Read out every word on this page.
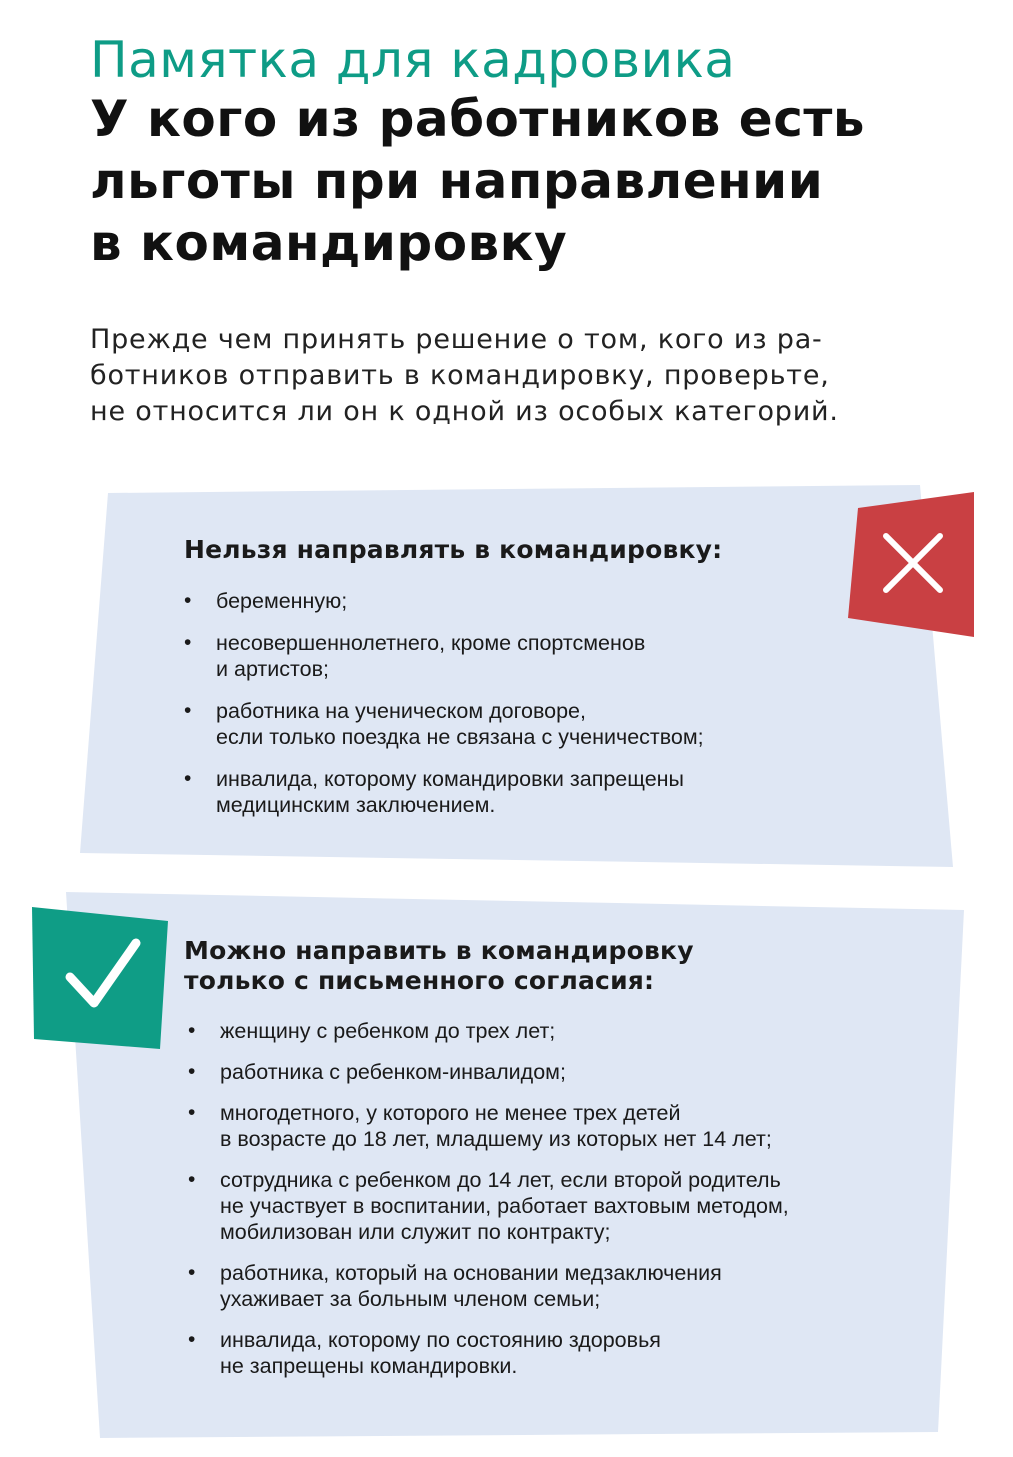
Памятка для кадровика
У кого из работников есть
льготы при направлении
в командировку

Прежде чем принять решение о том, кого из ра-
ботников отправить в командировку, проверьте,
не относится ли он к одной из особых категорий.

Нельзя направлять в командировку:
• беременную;
• несовершеннолетнего, кроме спортсменов
и артистов;
• работника на ученическом договоре,
если только поездка не связана с ученичеством;
• инвалида, которому командировки запрещены
медицинским заключением.
Можно направить в командировку
только с письменного согласия:
• женщину с ребенком до трех лет;
• работника с ребенком-инвалидом;
• многодетного, у которого не менее трех детей
в возрасте до 18 лет, младшему из которых нет 14 лет;
• сотрудника с ребенком до 14 лет, если второй родитель
не участвует в воспитании, работает вахтовым методом,
мобилизован или служит по контракту;
• работника, который на основании медзаключения
ухаживает за больным членом семьи;
• инвалида, которому по состоянию здоровья
не запрещены командировки.
